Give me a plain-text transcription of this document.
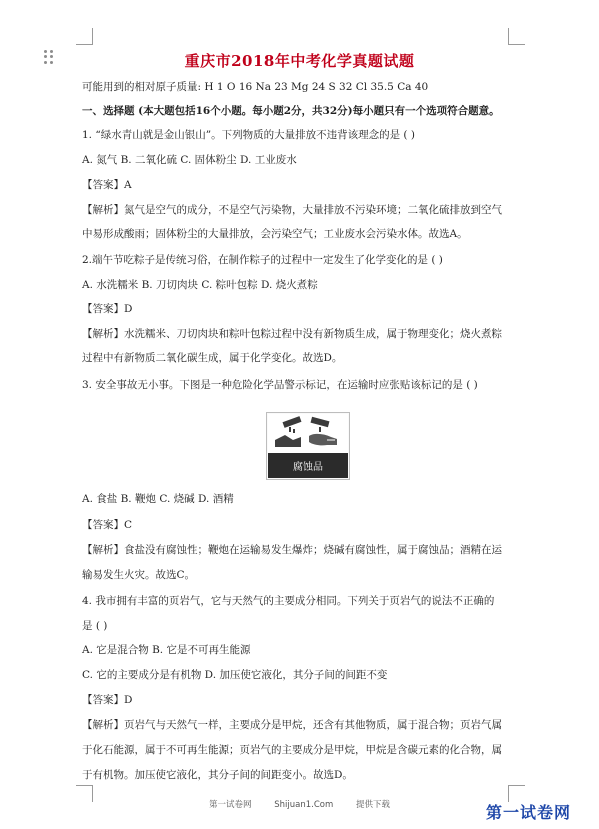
重庆市2018年中考化学真题试题
可能用到的相对原子质量: H 1 O 16 Na 23 Mg 24 S 32 Cl 35.5 Ca 40
一、选择题 (本大题包括16个小题。每小题2分，共32分)每小题只有一个选项符合题意。
1. “绿水青山就是金山银山”。下列物质的大量排放不违背该理念的是 ( )
A. 氮气 B. 二氧化硫 C. 固体粉尘 D. 工业废水
【答案】A
【解析】氮气是空气的成分，不是空气污染物，大量排放不污染环境；二氧化硫排放到空气
中易形成酸雨；固体粉尘的大量排放，会污染空气；工业废水会污染水体。故选A。
2.端午节吃粽子是传统习俗，在制作粽子的过程中一定发生了化学变化的是 ( )
A. 水洗糯米 B. 刀切肉块 C. 粽叶包粽 D. 烧火煮粽
【答案】D
【解析】水洗糯米、刀切肉块和粽叶包粽过程中没有新物质生成，属于物理变化；烧火煮粽
过程中有新物质二氧化碳生成，属于化学变化。故选D。
3. 安全事故无小事。下图是一种危险化学品警示标记，在运输时应张贴该标记的是 ( )
腐蚀品
A. 食盐 B. 鞭炮 C. 烧碱 D. 酒精
【答案】C
【解析】食盐没有腐蚀性；鞭炮在运输易发生爆炸；烧碱有腐蚀性，属于腐蚀品；酒精在运
输易发生火灾。故选C。
4. 我市拥有丰富的页岩气，它与天然气的主要成分相同。下列关于页岩气的说法不正确的
是 ( )
A. 它是混合物 B. 它是不可再生能源
C. 它的主要成分是有机物 D. 加压使它液化，其分子间的间距不变
【答案】D
【解析】页岩气与天然气一样，主要成分是甲烷，还含有其他物质，属于混合物；页岩气属
于化石能源，属于不可再生能源；页岩气的主要成分是甲烷，甲烷是含碳元素的化合物，属
于有机物。加压使它液化，其分子间的间距变小。故选D。
第一试卷网	Shijuan1.Com	提供下载	第一试卷网
